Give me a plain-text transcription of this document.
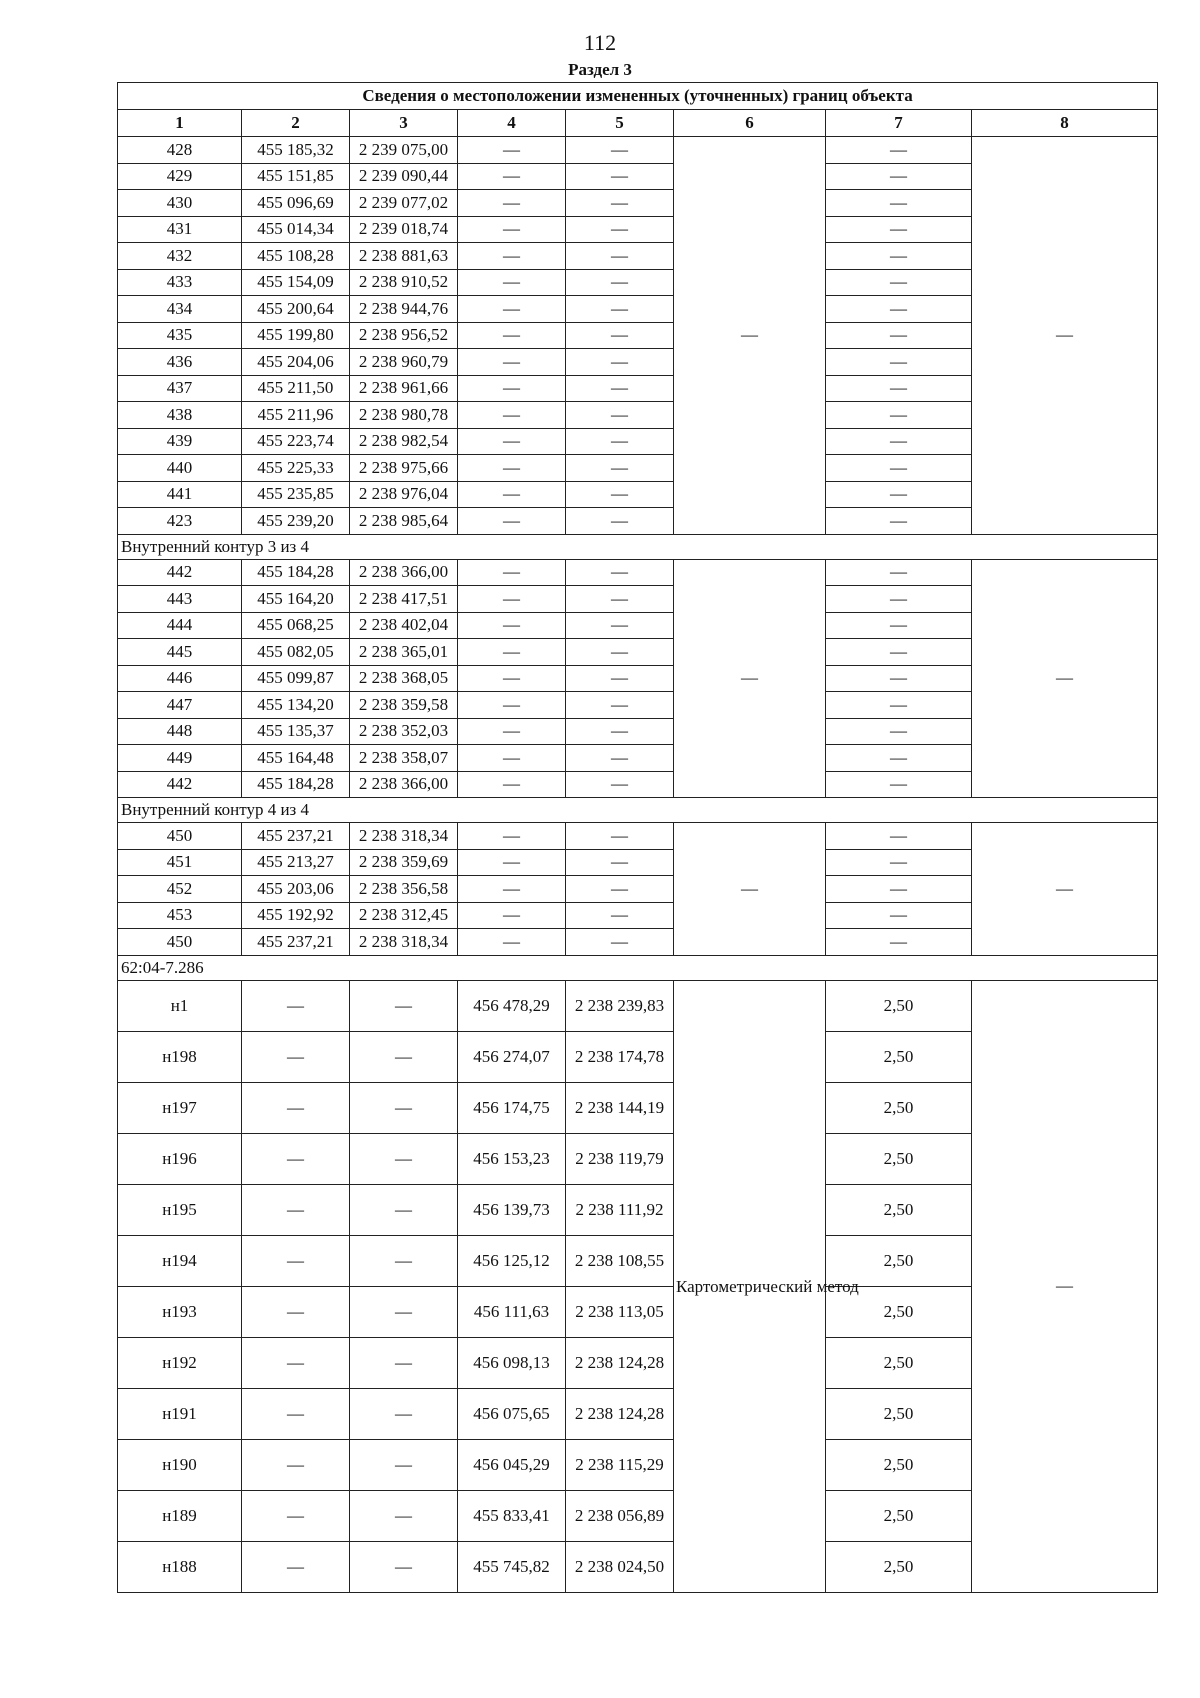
112
Раздел 3
Сведения о местоположении измененных (уточненных) границ объекта							
1	2	3	4	5	6	7	8
428	455 185,32	2 239 075,00	—	—	—	—	—
429	455 151,85	2 239 090,44	—	—		—	
430	455 096,69	2 239 077,02	—	—		—	
431	455 014,34	2 239 018,74	—	—		—	
432	455 108,28	2 238 881,63	—	—		—	
433	455 154,09	2 238 910,52	—	—		—	
434	455 200,64	2 238 944,76	—	—		—	
435	455 199,80	2 238 956,52	—	—		—	
436	455 204,06	2 238 960,79	—	—		—	
437	455 211,50	2 238 961,66	—	—		—	
438	455 211,96	2 238 980,78	—	—		—	
439	455 223,74	2 238 982,54	—	—		—	
440	455 225,33	2 238 975,66	—	—		—	
441	455 235,85	2 238 976,04	—	—		—	
423	455 239,20	2 238 985,64	—	—		—	
Внутренний контур 3 из 4							
442	455 184,28	2 238 366,00	—	—	—	—	—
443	455 164,20	2 238 417,51	—	—		—	
444	455 068,25	2 238 402,04	—	—		—	
445	455 082,05	2 238 365,01	—	—		—	
446	455 099,87	2 238 368,05	—	—		—	
447	455 134,20	2 238 359,58	—	—		—	
448	455 135,37	2 238 352,03	—	—		—	
449	455 164,48	2 238 358,07	—	—		—	
442	455 184,28	2 238 366,00	—	—		—	
Внутренний контур 4 из 4							
450	455 237,21	2 238 318,34	—	—	—	—	—
451	455 213,27	2 238 359,69	—	—		—	
452	455 203,06	2 238 356,58	—	—		—	
453	455 192,92	2 238 312,45	—	—		—	
450	455 237,21	2 238 318,34	—	—		—	
62:04-7.286							
н1	—	—	456 478,29	2 238 239,83	Картометрический метод	2,50	—
н198	—	—	456 274,07	2 238 174,78		2,50	
н197	—	—	456 174,75	2 238 144,19		2,50	
н196	—	—	456 153,23	2 238 119,79		2,50	
н195	—	—	456 139,73	2 238 111,92		2,50	
н194	—	—	456 125,12	2 238 108,55		2,50	
н193	—	—	456 111,63	2 238 113,05		2,50	
н192	—	—	456 098,13	2 238 124,28		2,50	
н191	—	—	456 075,65	2 238 124,28		2,50	
н190	—	—	456 045,29	2 238 115,29		2,50	
н189	—	—	455 833,41	2 238 056,89		2,50	
н188	—	—	455 745,82	2 238 024,50		2,50	
